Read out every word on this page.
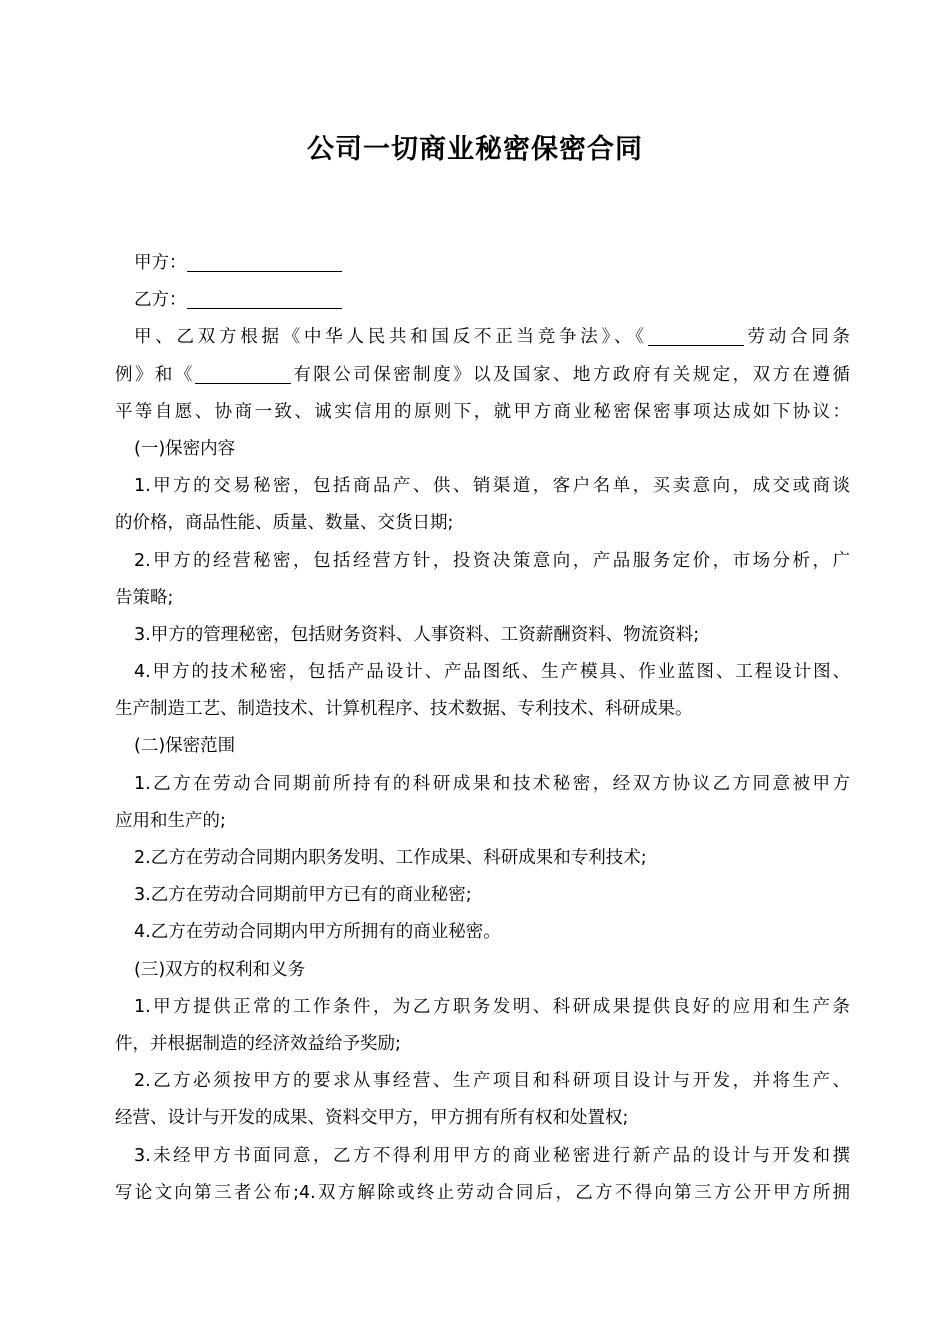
公司一切商业秘密保密合同
甲方：
乙方：
甲、乙双方根据《中华人民共和国反不正当竞争法》、《	劳动合同条
例》和《	有限公司保密制度》以及国家、地方政府有关规定，双方在遵循
平等自愿、协商一致、诚实信用的原则下，就甲方商业秘密保密事项达成如下协议：
(一)保密内容
1.甲方的交易秘密，包括商品产、供、销渠道，客户名单，买卖意向，成交或商谈
的价格，商品性能、质量、数量、交货日期;
2.甲方的经营秘密，包括经营方针，投资决策意向，产品服务定价，市场分析，广
告策略;
3.甲方的管理秘密，包括财务资料、人事资料、工资薪酬资料、物流资料;
4.甲方的技术秘密，包括产品设计、产品图纸、生产模具、作业蓝图、工程设计图、
生产制造工艺、制造技术、计算机程序、技术数据、专利技术、科研成果。
(二)保密范围
1.乙方在劳动合同期前所持有的科研成果和技术秘密，经双方协议乙方同意被甲方
应用和生产的;
2.乙方在劳动合同期内职务发明、工作成果、科研成果和专利技术;
3.乙方在劳动合同期前甲方已有的商业秘密;
4.乙方在劳动合同期内甲方所拥有的商业秘密。
(三)双方的权利和义务
1.甲方提供正常的工作条件，为乙方职务发明、科研成果提供良好的应用和生产条
件，并根据制造的经济效益给予奖励;
2.乙方必须按甲方的要求从事经营、生产项目和科研项目设计与开发，并将生产、
经营、设计与开发的成果、资料交甲方，甲方拥有所有权和处置权;
3.未经甲方书面同意，乙方不得利用甲方的商业秘密进行新产品的设计与开发和撰
写论文向第三者公布;4.双方解除或终止劳动合同后，乙方不得向第三方公开甲方所拥
